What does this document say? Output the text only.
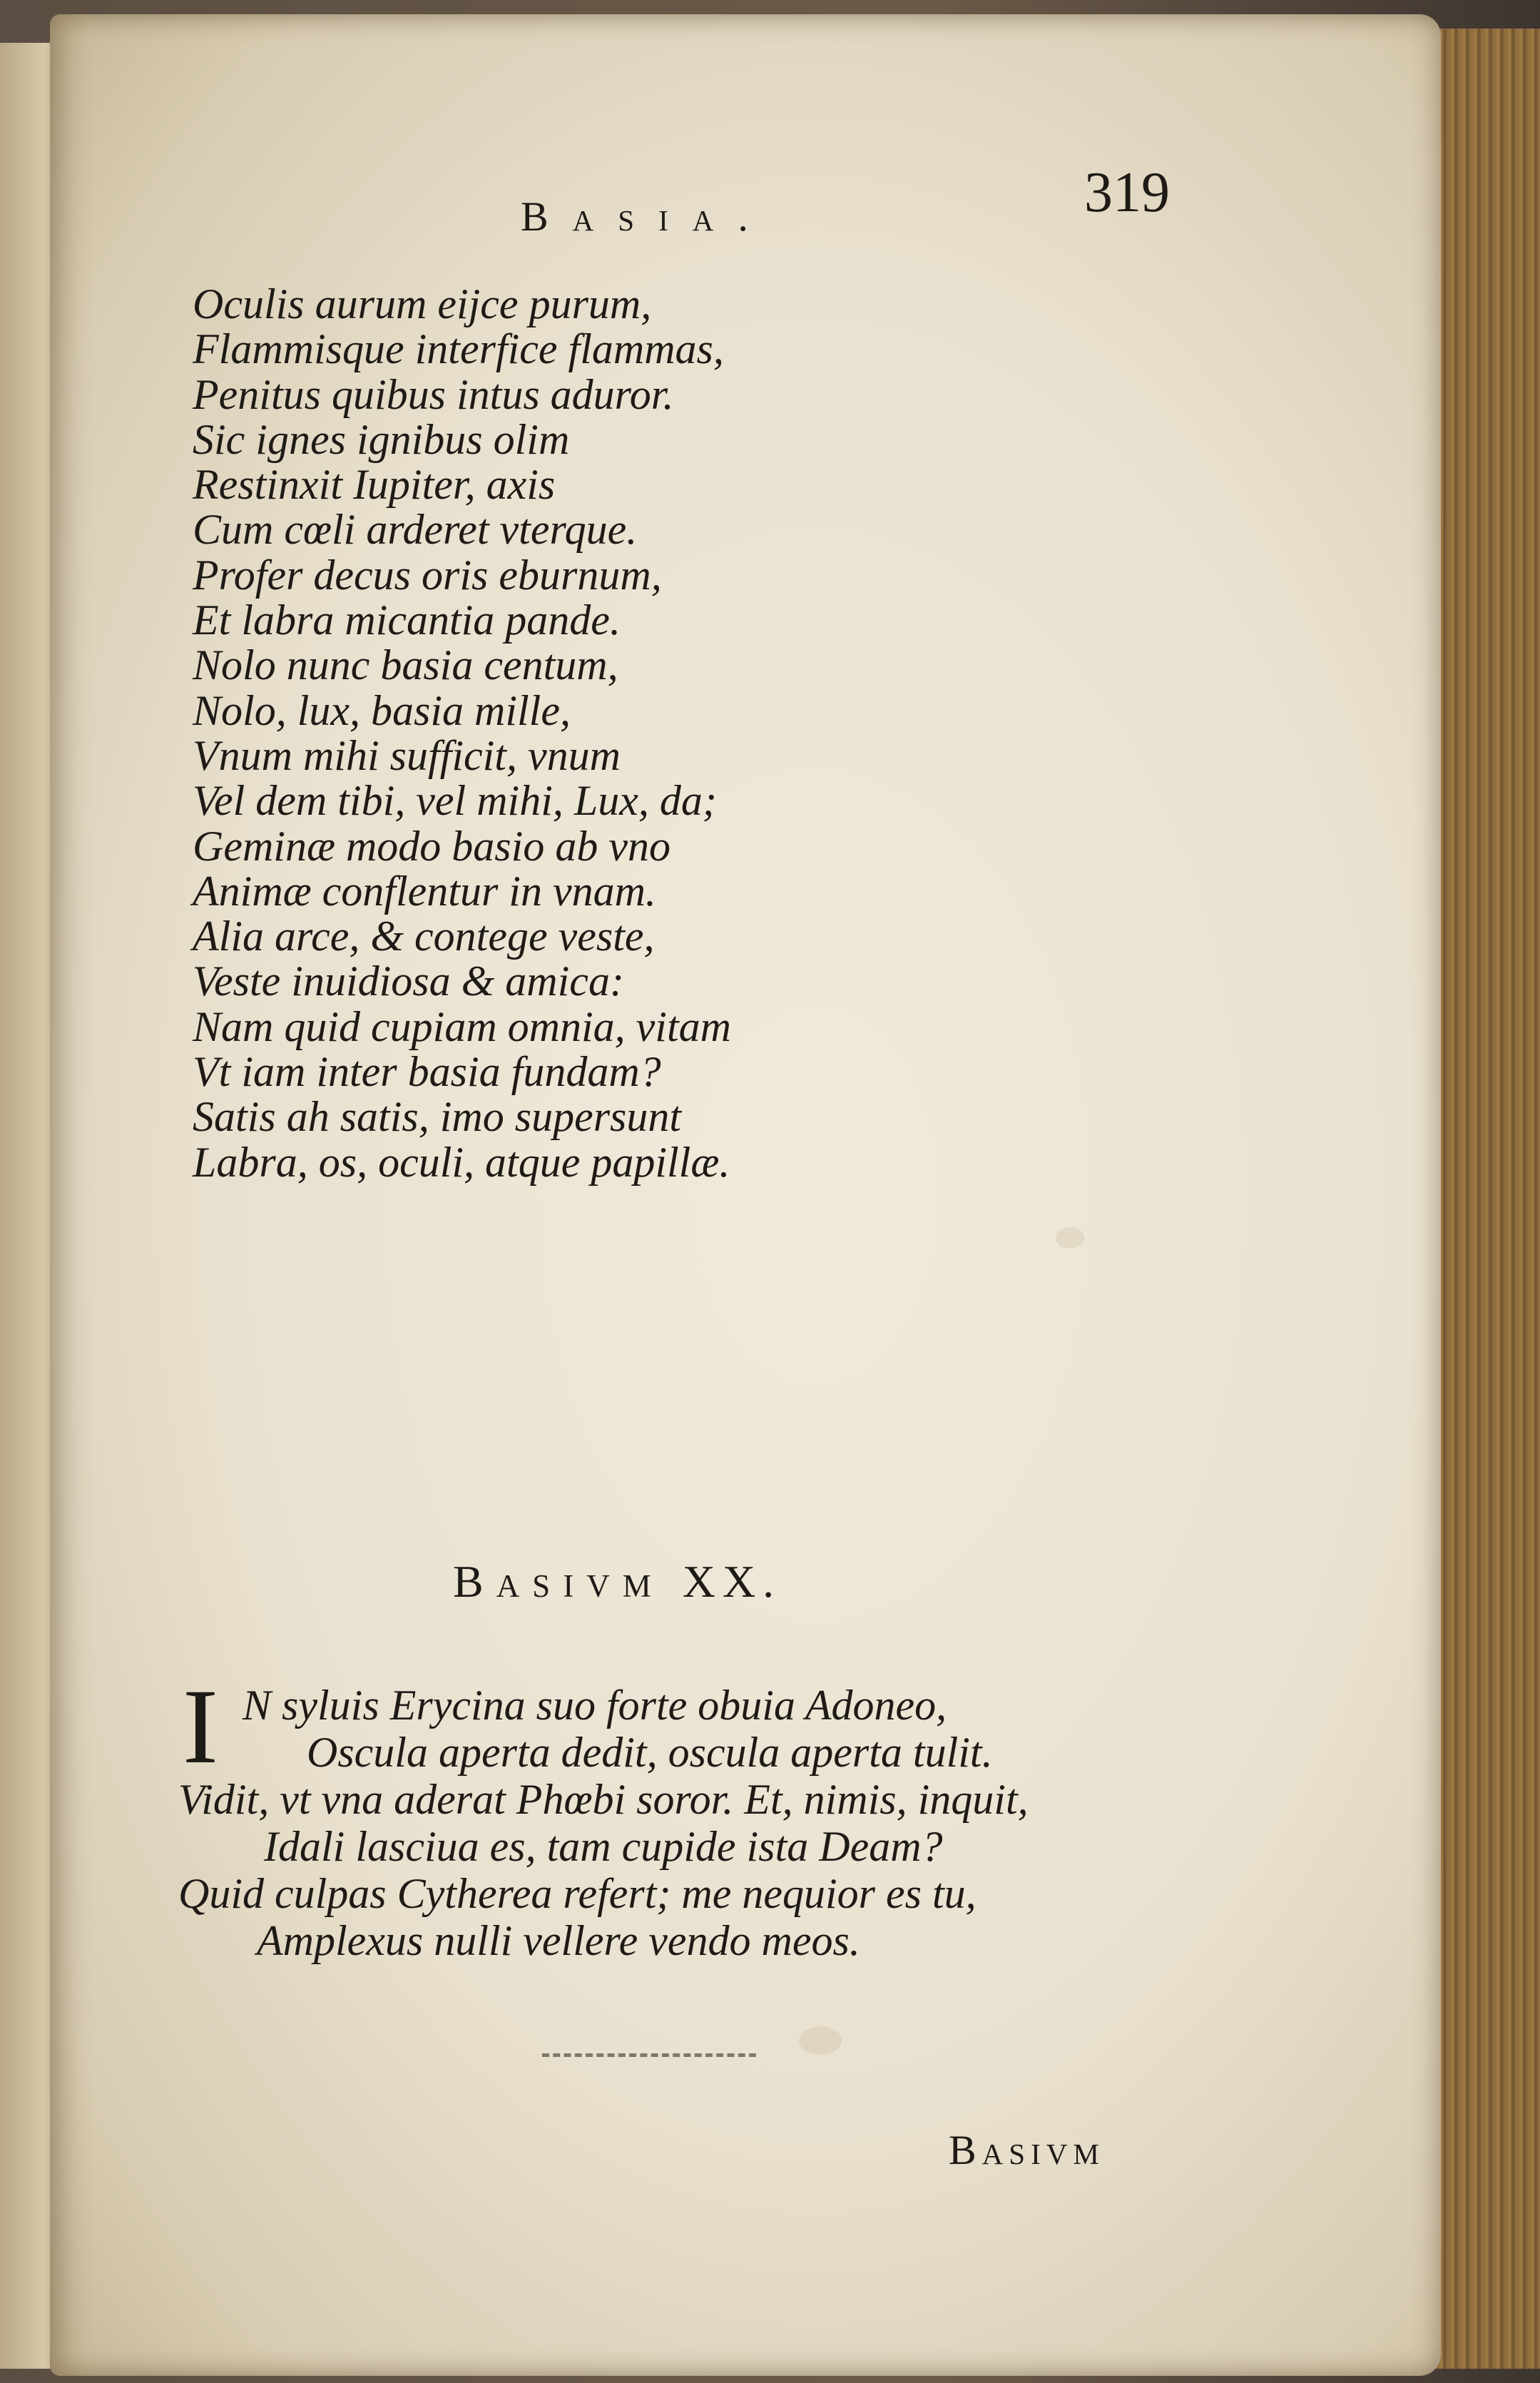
Basia.	319
Oculis aurum eijce purum,
Flammisque interfice flammas,
Penitus quibus intus aduror.
Sic ignes ignibus olim
Restinxit Iupiter, axis
Cum cœli arderet vterque.
Profer decus oris eburnum,
Et labra micantia pande.
Nolo nunc basia centum,
Nolo, lux, basia mille,
Vnum mihi sufficit, vnum
Vel dem tibi, vel mihi, Lux, da;
Geminæ modo basio ab vno
Animæ conflentur in vnam.
Alia arce, & contege veste,
Veste inuidiosa & amica:
Nam quid cupiam omnia, vitam
Vt iam inter basia fundam?
Satis ah satis, imo supersunt
Labra, os, oculi, atque papillæ.
Basivm XX.
I N syluis Erycina suo forte obuia Adoneo,
Oscula aperta dedit, oscula aperta tulit.
Vidit, vt vna aderat Phœbi soror. Et, nimis, inquit,
Idali lasciua es, tam cupide ista Deam?
Quid culpas Cytherea refert; me nequior es tu,
Amplexus nulli vellere vendo meos.
Basivm
